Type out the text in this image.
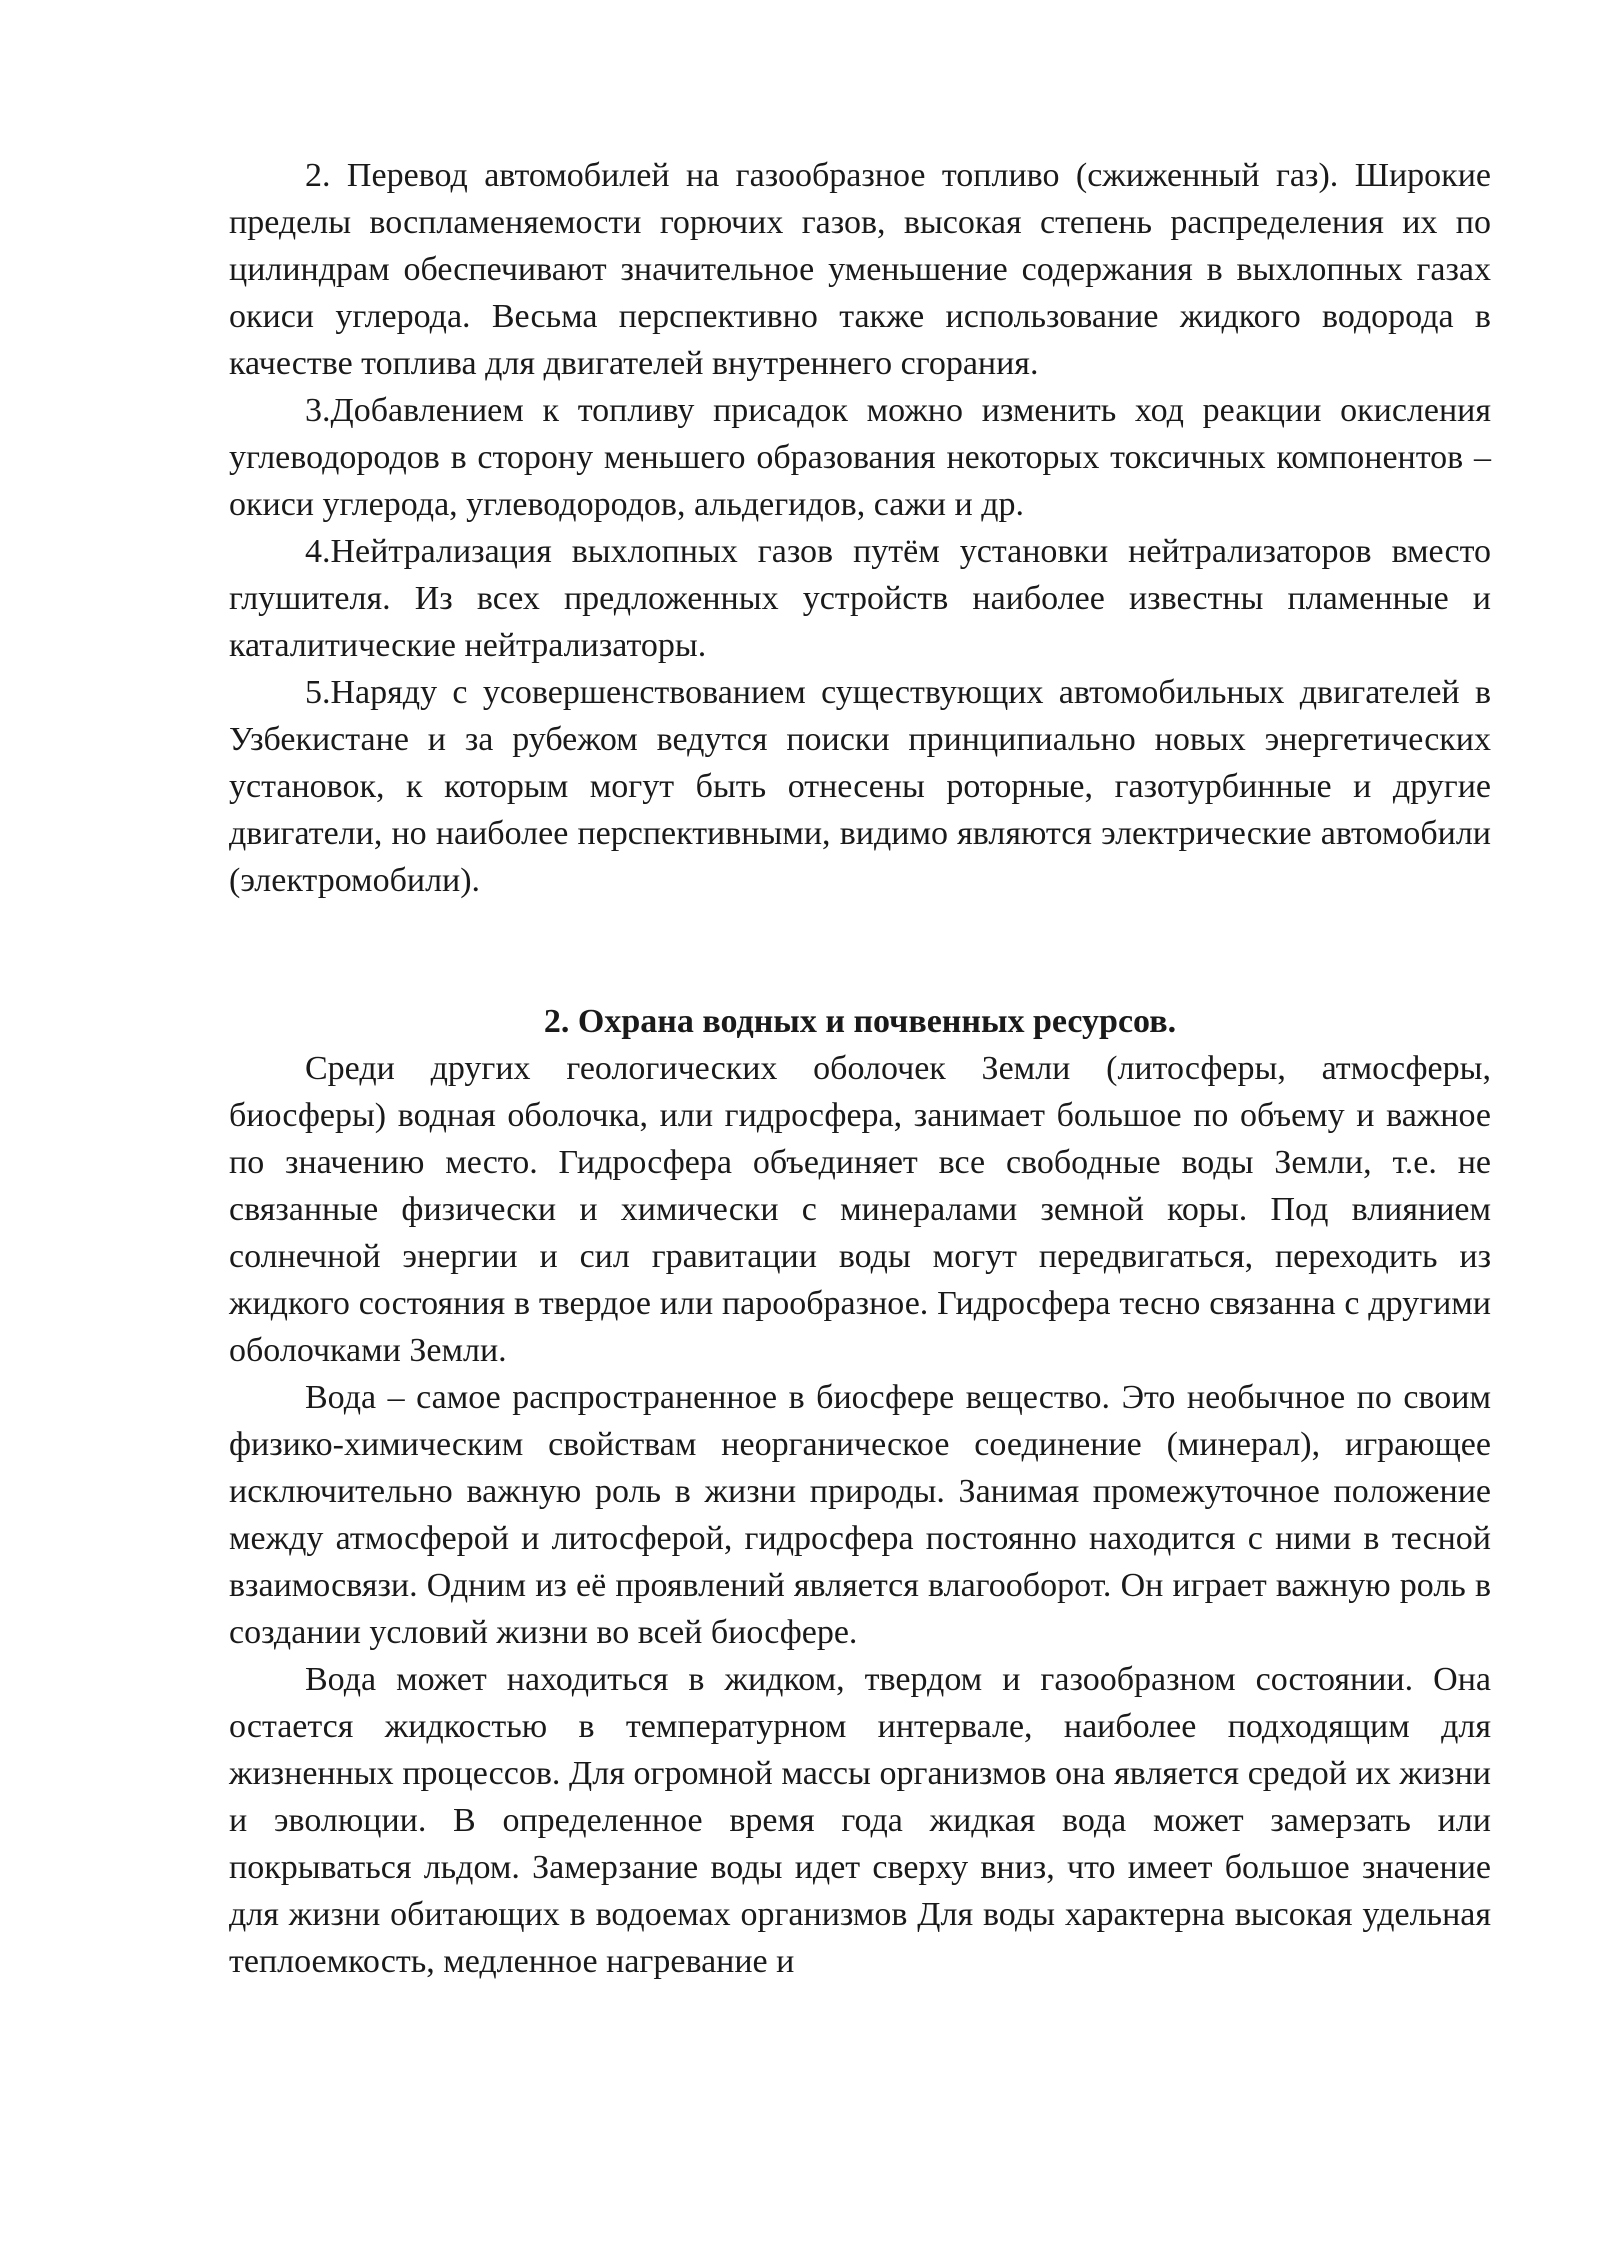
2. Перевод автомобилей на газообразное топливо (сжиженный газ). Широкие пределы воспламеняемости горючих газов, высокая степень распределения их по цилиндрам обеспечивают значительное уменьшение содержания в выхлопных газах окиси углерода. Весьма перспективно также использование жидкого водорода в качестве топлива для двигателей внутреннего сгорания.

3.Добавлением к топливу присадок можно изменить ход реакции окисления углеводородов в сторону меньшего образования некоторых токсичных компонентов – окиси углерода, углеводородов, альдегидов, сажи и др.

4.Нейтрализация выхлопных газов путём установки нейтрализаторов вместо глушителя. Из всех предложенных устройств наиболее известны пламенные и каталитические нейтрализаторы.

5.Наряду с усовершенствованием существующих автомобильных двигателей в Узбекистане и за рубежом ведутся поиски принципиально новых энергетических установок, к которым могут быть отнесены роторные, газотурбинные и другие двигатели, но наиболее перспективными, видимо являются электрические автомобили (электромобили).

2. Охрана водных и почвенных ресурсов.

Среди других геологических оболочек Земли (литосферы, атмосферы, биосферы) водная оболочка, или гидросфера, занимает большое по объему и важное по значению место. Гидросфера объединяет все свободные воды Земли, т.е. не связанные физически и химически с минералами земной коры. Под влиянием солнечной энергии и сил гравитации воды могут передвигаться, переходить из жидкого состояния в твердое или парообразное. Гидросфера тесно связанна с другими оболочками Земли.

Вода – самое распространенное в биосфере вещество. Это необычное по своим физико-химическим свойствам неорганическое соединение (минерал), играющее исключительно важную роль в жизни природы. Занимая промежуточное положение между атмосферой и литосферой, гидросфера постоянно находится с ними в тесной взаимосвязи. Одним из её проявлений является влагооборот. Он играет важную роль в создании условий жизни во всей биосфере.

Вода может находиться в жидком, твердом и газообразном состоянии. Она остается жидкостью в температурном интервале, наиболее подходящим для жизненных процессов. Для огромной массы организмов она является средой их жизни и эволюции. В определенное время года жидкая вода может замерзать или покрываться льдом. Замерзание воды идет сверху вниз, что имеет большое значение для жизни обитающих в водоемах организмов Для воды характерна высокая удельная теплоемкость, медленное нагревание и
